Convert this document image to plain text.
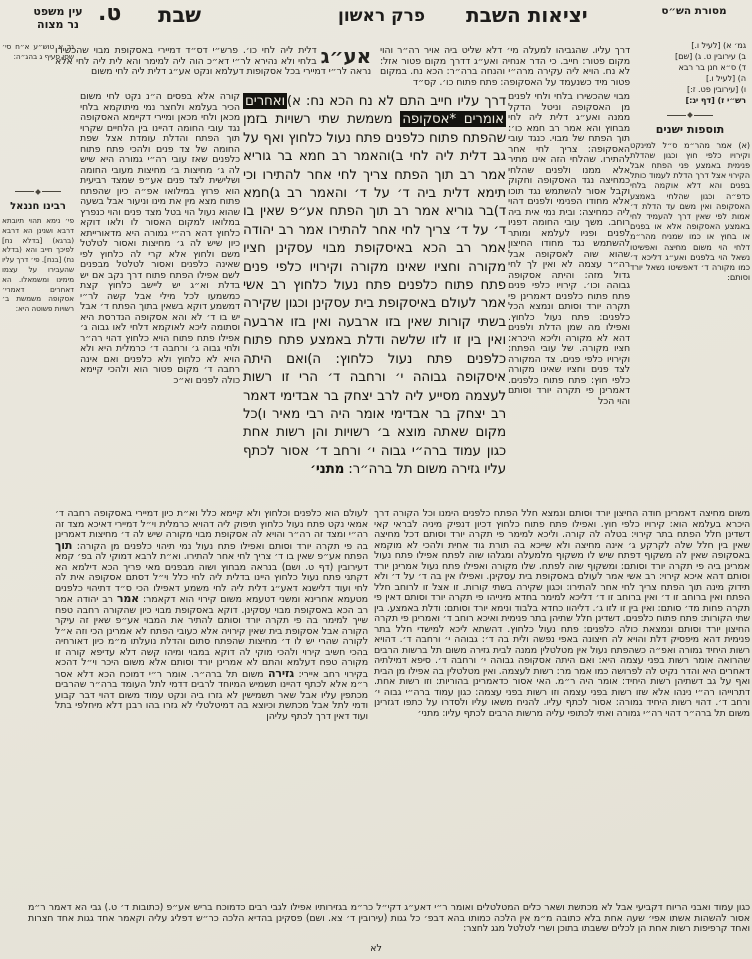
עין משפט
נר מצוה ט. שבת	פרק ראשון יציאות השבת	מסורת הש״ס
גמ׳ א) [לעיל ו.]
ב) עירובין ט. ג) [שם]
ד) ס״א חנן בר רבא
ה) [לעיל ו.]
ו) [עירובין פט. ז:]
רש״י ז) [דף יג:]
תוספות ישנים
(א) אמר מהר״מ ס״ל למינקט וקירויו כלפי חוץ וכגון שהדלת פנימית באמצע פני הפתח אבל הקירוי אצל דרך הדלת לעמוד כותל בפנים והא דלא אוקמה בלחי כדפ״ה וכגון שהלחי באמצע האסקופה ואין משם עד הדלת ד׳ אמות לפי שאין דרך להעמיד לחי באמצע האסקופה אלא או בפנים או בחוץ או כמו שמניח מהר״מ דלחי הוי משום מחיצה ואפשיטו נשאל הוי בלפנים ואע״ג דליכא ד׳ כמו מקורה ד׳ דאפשיטו נשאל יורד וסותם:
נב א טוש״ע א״ח סי׳ שסו סעיף ג בהג״ה:
רבינו חננאל
פי׳ נימא תהוי תיובתא דרבא ושנינן הא דרבא (ברגא) [בדלא נח] לפיכך חייב והא (בדלא נח) [בנח]. פי׳ דרך עליו שהעבירו על עצמו מימינו ומשמאלו. הא דאחרים דאמרי׳ אסקופה משמשת ב׳ רשויות פשוטה היא:
אע״ג
דלית ליה לחי כו׳. פרש״י דס״ד דמיירי באסקופת מבוי שהכשירו בלחי ולא נהירא לר״י דא״כ הוה ליה למימר והא לית ליה לחי אלא נראה לר״י דמיירי בכל אסקופות דעלמא ונקט אע״ג דלית ליה לחי משום
דרך עליו. שהגביהו למעלה מי׳ דלא שליט ביה אויר רה״ר והוי מקום פטור: חייב. כי הדר אנחיה ואע״ג דדרך מקום פטור אזל: לא נח. הויא ליה עקירה מרה״י והנחה ברה״ר: הכא נח. במקום פטור מיד כשנעמד על האסקופה: פתח פתוח כו׳. קס״ד
קורה אלא בפסים ה״נ נקט לחי משום הכיר בעלמא ולחצר נמי מיתוקמא בלחי מכאן ולחי מכאן ומיירי דקיימא האסקופה נגד עובי החומה דהיינו בין הלחיים שקרוי תוך הפתח והדלת עומדת אצל שפת החומה של צד פנים ולהכי פתח פתוח כלפנים שאז עובי רה״י גמורה היא שיש לה ג׳ מחיצות ב׳ מחיצות מעובי החומה ושלישית לצד פנים אע״פ שמצד רביעית הוא פרוץ במילואו אפ״ה כיון שהפתח פתוח מצא מין את מינו וניעור אבל בשעה שהוא נעול הוי בטל מצד פנים והוי כנפרץ במלואו למקום האסור לו ולאו דוקא כלחוץ דהא רה״י גמורה היא מדאורייתא כיון שיש לה ג׳ מחיצות ואסור לטלטל משם ולחוץ אלא קרי לה כלחוץ לפי שאינה כלפנים ואסור לטלטל מבפנים לשם אפילו הפתח פתוח דרך נקב אם יש בדלת וא״ג יש ליישב כלחוץ קצת כמשמעו לכל מילי אבל קשה לר״י דמשמע דוקא בשאין בתוך הפתח ד׳ אבל יש בו ד׳ לא והא אסקופה הנדרסת היא וסתומה ליכא לאוקמא דלחי לאו גבוה ג׳ אפילו פתח פתוח הויא כלחוץ דהוי רה״ר ולחי גבוה ג׳ ורחבה ד׳ כרמלית היא ולא הויא לא כלחוץ ולא כלפנים ואם אינה רחבה ד׳ מקום פטור הוא ולהכי קיימא כולה לפנים וא״כ
דרך עליו חייב התם לא נח הכא נח: א)ואחרים אומרים *אסקופה משמשת שתי רשויות בזמן שהפתח פתוח כלפנים פתח נעול כלחוץ ואף על גב דלית ליה לחי ב)והאמר רב חמא בר גוריא אמר רב תוך הפתח צריך לחי אחר להתירו וכי תימא דלית ביה ד׳ על ד׳ והאמר רב ג)חמא ד)בר גוריא אמר רב תוך הפתח אע״פ שאין בו ד׳ על ד׳ צריך לחי אחר להתירו אמר רב יהודה אמר רב הכא באיסקופת מבוי עסקינן חציו מקורה וחציו שאינו מקורה וקירויו כלפי פנים פתח פתוח כלפנים פתח נעול כלחוץ רב אשי אמר לעולם באיסקופת בית עסקינן וכגון שקירה בשתי קורות שאין בזו ארבעה ואין בזו ארבעה ואין בין זו לזו שלשה ודלת באמצע פתח פתוח כלפנים פתח נעול כלחוץ: ה)ואם היתה איסקופה גבוהה י׳ ורחבה ד׳ הרי זו רשות לעצמה מסייע ליה לרב יצחק בר אבדימי דאמר רב יצחק בר אבדימי אומר היה רבי מאיר ו)כל מקום שאתה מוצא ב׳ רשויות והן רשות אחת כגון עמוד ברה״י גבוה י׳ ורחב ד׳ אסור לכתף עליו גזירה משום תל ברה״ר: מתני׳
מבוי שהכשירו בלחי ולחי לפנים מן האסקופה וניטל הדקל ממנה ואע״ג דלית ליה לחי מבחוץ והא אמר רב חמא כו׳: תוך הפתח של מבוי. כנגד עובי האסקופה: צריך לחי אחר להתירו. שהלחי הזה אינו מתיר אלא ממנו ולפנים שהלחי כמחיצה נגד האסקופה וחקוק וקבל אסור להשתמש נגד תוכו אלא מחודו הפנימי ולפנים דהוי ליה כמחיצה: ובית נמי אית ביה רוחב. משך עובי החומה דפניו לפנים ופניו לעלמא ומותר להשתמש נגד מחודו החיצון שהוא שוה לאסקופה אבל רה״ר עצמה לא ואין לך לחי גדול מזה: והיתה אסקופה גבוהה וכו׳. קירויו כלפי פנים פתח פתוח כלפנים דאמרינן פי תקרה יורד וסותם ונמצא הכל כלפנים: פתח נעול כלחוץ. ואפילו מה שמן הדלת ולפנים דהא לא מקורה וליכא היכרא: חציו מקורה. של עובי הפתח: וקירויו כלפי פנים. צד המקורה לצד פנים וחציו שאינו מקורה כלפי חוץ: פתח פתוח כלפנים. דאמרינן פי תקרה יורד וסותם והוי הכל
לעולם הוא כלפנים וכלחוץ ולא קיימא כלל וא״ת כיון דמיירי באסקופה רחבה ד׳ אמאי נקט פתח נעול כלחוץ תיפוק ליה דהויא כרמלית וי״ל דמיירי דאיכא מצד זה רה״י ומצד זה רה״ר והויא לה אסקופת מבוי מקורה שיש לה ד׳ מחיצות דאמרינן בה פי תקרה יורד וסותם ואפילו פתח נעול נמי תיהוי כלפנים מן הקורה: תוך הפתח אע״פ שאין בו ד׳ צריך לחי אחר להתירו. וא״ת לרבא דמוקי לה בפ׳ קמא דעירובין (דף ט. ושם) בנראה מבחוץ ושוה מבפנים מאי פריך הכא דילמא הא דקתני פתח נעול כלחוץ היינו בדלית ליה לחי כלל וי״ל דסתם אסקופה אית לה לחי ועוד דלישנא דאע״ג דלית ליה לחי משמע דאפילו הכי ס״ד דתיהוי כלפנים מטעמא אחרינא ומשני דטעמא משום קירוי הוא דקאמר: אמר רב יהודה אמר רב הכא באסקופת מבוי עסקינן. דוקא באסקופת מבוי כיון שהקורה רחבה טפח שייך למימר בה פי תקרה יורד וסותם להתיר את המבוי אע״פ שאין זה עיקר הקורה אבל אסקופת בית שאין קירויה אלא כעובי הפתח לא אמרינן הכי וזה א״ל לקורה שהרי יש לו ד׳ מחיצות שהפתח סתום והדלת נועלתו מ״מ כיון דאורחיה בהכי חשיב קירוי ולהכי מוקי לה דוקא במבוי ומיהו קשה דלא עדיפא קורה זו מקורה טפח דעלמא והתם לא אמרינן יורד וסותם אלא משום היכר וי״ל דהכא בקירוי רחב איירי: גזירה משום תל ברה״ר. אומר ר״י דמוכח הכא דלא אסר ר״מ אלא לכתף דהיינו תשמיש המיוחד לרבים דדמי לתל העומד ברה״ר שהרבים מכתפין עליו אבל שאר תשמישין לא גזרו ביה ונקט עמוד משום דהוי דבר קבוע ודמי לתל אבל מכתשת וכיוצא בה דמיטלטלי לא גזרו בהו רבנן דלא מיחלפי בתל ועוד דאין דרך לכתף עליהן
משום מחיצה דאמרינן חודה החיצון יורד וסותם ונמצא חלל הפתח כלפנים הימנו וכל הקורה דרך היכרא בעלמא הוא: קירויו כלפי חוץ. ואפילו פתח פתוח כלחוץ דכיון דנפיק מיניה לבראי קאי דשדינן חלל הפתח בתר קירוי: בטלה לה קורה. וליכא למימר פי תקרה יורד וסותם דכל מחיצה שאין בין חלל שלה לקרקע ג׳ אינה מחיצה ולא שייכא בה תורת גוד אחית ולהכי לא מוקמא באסקופה שאין לה משקוף דפתח שיש לו משקוף מלמעלה ומגלהו שוה לפתח אפילו פתח נעול אמרינן ביה פי תקרה יורד וסותם: ומשקוף שוה לפתח. שלו מקורה ואפילו פתח נעול אמרינן יורד וסותם דהא איכא קירוי: רב אשי אמר לעולם באסקופת בית עסקינן. ואפילו אין בה ד׳ על ד׳ ולא תידוק מינה תוך הפתח צריך לחי אחר להתירו: וכגון שקירה בשתי קורות. זו אצל זו לרוחב חלל הפתח ואין ברוחב זו ד׳ ואין ברוחב זו ד׳ דליכא למימר בחדא מינייהו פי תקרה יורד וסותם דאין פי תקרה פחות מד׳ סותם: ואין בין זו לזו ג׳. דליהוו כחדא בלבוד ונימא יורד וסותם: ודלת באמצע. בין שתי הקורות: פתח פתוח כלפנים. דשדינן חלל שתיהן בתר פנימית ואיכא רוחב ד׳ ואמרינן פי תקרה החיצון יורד וסותם ונמצאת כולה כלפנים: פתח נעול כלחוץ. דהשתא ליכא למישדי חלל בתר פנימית דהא מיפסיק דלת והויא לה חיצונה באפי נפשה ולית בה ד׳: גבוהה י׳ ורחבה ד׳. דהויא רשות היחיד גמורה ואפ״ה כשהפתח נעול אין מטלטלין ממנה לבית גזירה משום תל ברשות הרבים שהרואה אומר רשות בפני עצמה היא: ואם היתה אסקופה גבוהה י׳ ורחבה ד׳. סיפא דמילתיה דאחרים היא והדר נקיט לה לפרושה כמו אמר מר: רשות לעצמה. ואין מטלטלין בה אפילו מן הבית ואף על גב דשתיהן רשות היחיד: אומר היה ר״מ. האי אסור כדאמרינן בהוריות: וזו רשות אחת. דתרוייהו רה״י נינהו אלא שזו רשות בפני עצמה וזו רשות בפני עצמה: כגון עמוד ברה״י גבוה י׳ ורחב ד׳. דהוי רשות היחיד גמורה: אסור לכתף עליו. להניח משאו עליו ולסדרו על כתפו דגזרינן משום תל ברה״ר דהוי רה״י גמורה ואתי לכתופי עליה מרשות הרבים לכתף עליו: מתני׳
כגון עמוד ואבני הריוח דקביעי אבל לא מכתשת ושאר כלים המטלטלים ואומר ר״י דאע״ג דקי״ל כר״מ בגזירותיו אפילו לגבי רבים כדמוכח בריש אע״פ (כתובות ד׳ ט.) גבי הא דאמר ר״מ אסור להשהות אשתו אפי׳ שעה אחת בלא כתובה מ״מ אין הלכה כמותו בהא דבפ׳ כל גגות (עירובין ד׳ צא. ושם) פסקינן בהדיא הלכה כר״ש דפליג עליה וקאמר אחד גגות אחד חצרות ואחד קרפיפות רשות אחת הן לכלים ששבתו בתוכן ושרי לטלטל מגג לחצר:
לא
